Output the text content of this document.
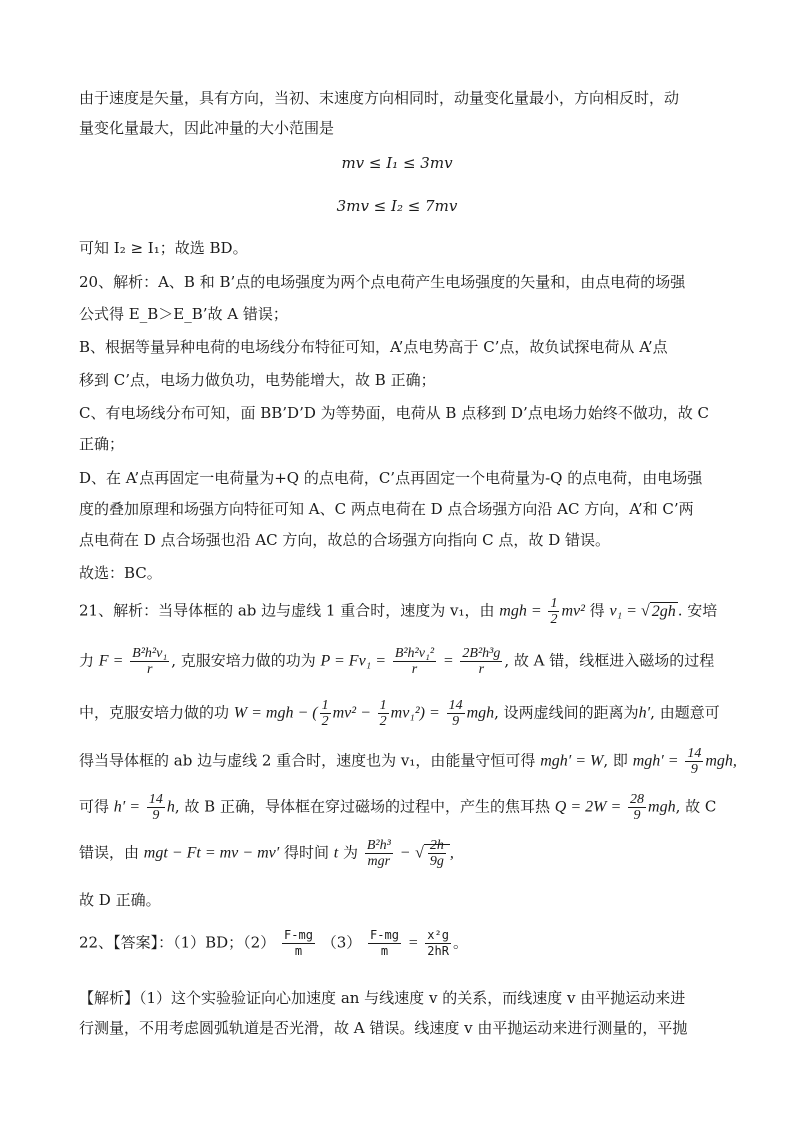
由于速度是矢量，具有方向，当初、末速度方向相同时，动量变化量最小，方向相反时，动
量变化量最大，因此冲量的大小范围是
mv ≤ I₁ ≤ 3mv
3mv ≤ I₂ ≤ 7mv
可知 I₂ ≥ I₁；故选 BD。
20、解析：A、B 和 B’点的电场强度为两个点电荷产生电场强度的矢量和，由点电荷的场强
公式得 E_B＞E_B’故 A 错误；
B、根据等量异种电荷的电场线分布特征可知，A’点电势高于 C’点，故负试探电荷从 A’点
移到 C’点，电场力做负功，电势能增大，故 B 正确；
C、有电场线分布可知，面 BB’D’D 为等势面，电荷从 B 点移到 D’点电场力始终不做功，故 C
正确；
D、在 A’点再固定一电荷量为+Q 的点电荷，C’点再固定一个电荷量为-Q 的点电荷，由电场强
度的叠加原理和场强方向特征可知 A、C 两点电荷在 D 点合场强方向沿 AC 方向，A’和 C’两
点电荷在 D 点合场强也沿 AC 方向，故总的合场强方向指向 C 点，故 D 错误。
故选：BC。
21、解析：当导体框的 ab 边与虚线 1 重合时，速度为 v₁，由 mgh = $\frac{1}{2} mv^2$ 得 v₁ = √ 2gh . 安培
力 $F = \frac{\text{B²h²v₁}}{r}$ , 克服安培力做的功为 $P = Fv_1 = \frac{\text{B²h²v₁²}}{r} = \frac{\text{2B²h³g}}{r}$ , 故 A 错，线框进入磁场的过程
中，克服安培力做的功 W = mgh − ( $\frac{1}{2} mv^2 - \frac{1}{2} mv_1^2) = \frac{14}{9}$ mgh, 设两虚线间的距离为h′, 由题意可
得当导体框的 ab 边与虚线 2 重合时，速度也为 v₁，由能量守恒可得 mgh′ = W, 即 $mgh' = \frac{14}{9}$ mgh,
可得 $h' = \frac{14}{9} h$, 故 B 正确，导体框在穿过磁场的过程中，产生的焦耳热 $Q = 2W = \frac{28}{9}$ mgh, 故 C
错误，由 mgt − Ft = mv − mv′ 得时间 t 为 $\frac{\text{B²h³}}{\text{mgr}}$ − √ $\frac{2h}{9g}$ ,
故 D 正确。
22、【答案】：（1）BD；$(2) \frac{F-mg}{m} (3) \frac{F-mg}{m} = \frac{\text{x²g}}{2hR}$ 。
【解析】（1）这个实验验证向心加速度 an 与线速度 v 的关系，而线速度 v 由平抛运动来进
行测量，不用考虑圆弧轨道是否光滑，故 A 错误。线速度 v 由平抛运动来进行测量的，平抛
